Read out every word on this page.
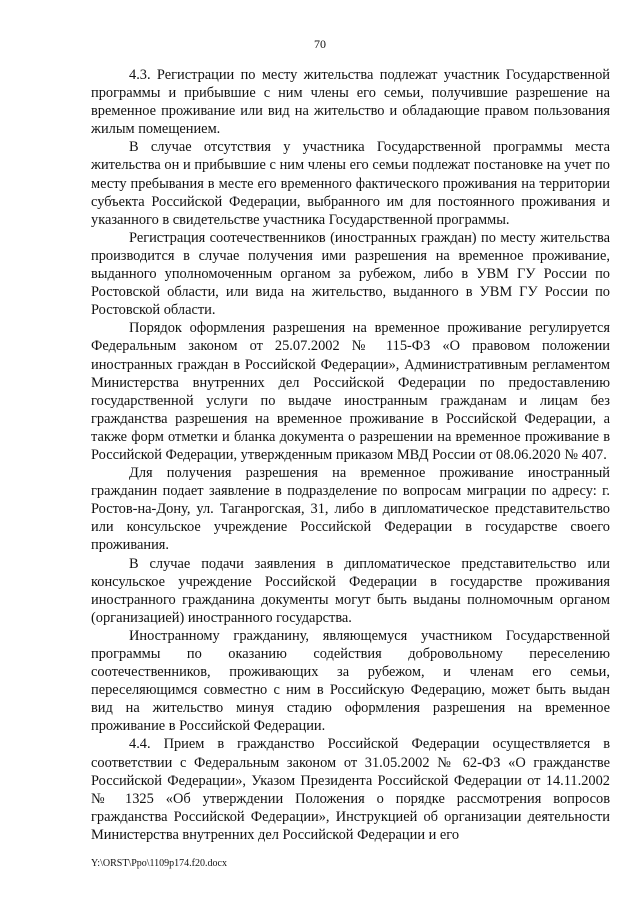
70

4.3. Регистрации по месту жительства подлежат участник Государственной программы и прибывшие с ним члены его семьи, получившие разрешение на временное проживание или вид на жительство и обладающие правом пользования жилым помещением.

В случае отсутствия у участника Государственной программы места жительства он и прибывшие с ним члены его семьи подлежат постановке на учет по месту пребывания в месте его временного фактического проживания на территории субъекта Российской Федерации, выбранного им для постоянного проживания и указанного в свидетельстве участника Государственной программы.

Регистрация соотечественников (иностранных граждан) по месту жительства производится в случае получения ими разрешения на временное проживание, выданного уполномоченным органом за рубежом, либо в УВМ ГУ России по Ростовской области, или вида на жительство, выданного в УВМ ГУ России по Ростовской области.

Порядок оформления разрешения на временное проживание регулируется Федеральным законом от 25.07.2002 № 115-ФЗ «О правовом положении иностранных граждан в Российской Федерации», Административным регламентом Министерства внутренних дел Российской Федерации по предоставлению государственной услуги по выдаче иностранным гражданам и лицам без гражданства разрешения на временное проживание в Российской Федерации, а также форм отметки и бланка документа о разрешении на временное проживание в Российской Федерации, утвержденным приказом МВД России от 08.06.2020 № 407.

Для получения разрешения на временное проживание иностранный гражданин подает заявление в подразделение по вопросам миграции по адресу: г. Ростов-на-Дону, ул. Таганрогская, 31, либо в дипломатическое представительство или консульское учреждение Российской Федерации в государстве своего проживания.

В случае подачи заявления в дипломатическое представительство или консульское учреждение Российской Федерации в государстве проживания иностранного гражданина документы могут быть выданы полномочным органом (организацией) иностранного государства.

Иностранному гражданину, являющемуся участником Государственной программы по оказанию содействия добровольному переселению соотечественников, проживающих за рубежом, и членам его семьи, переселяющимся совместно с ним в Российскую Федерацию, может быть выдан вид на жительство минуя стадию оформления разрешения на временное проживание в Российской Федерации.

4.4. Прием в гражданство Российской Федерации осуществляется в соответствии с Федеральным законом от 31.05.2002 № 62-ФЗ «О гражданстве Российской Федерации», Указом Президента Российской Федерации от 14.11.2002 № 1325 «Об утверждении Положения о порядке рассмотрения вопросов гражданства Российской Федерации», Инструкцией об организации деятельности Министерства внутренних дел Российской Федерации и его

Y:\ORST\Ppo\1109p174.f20.docx
